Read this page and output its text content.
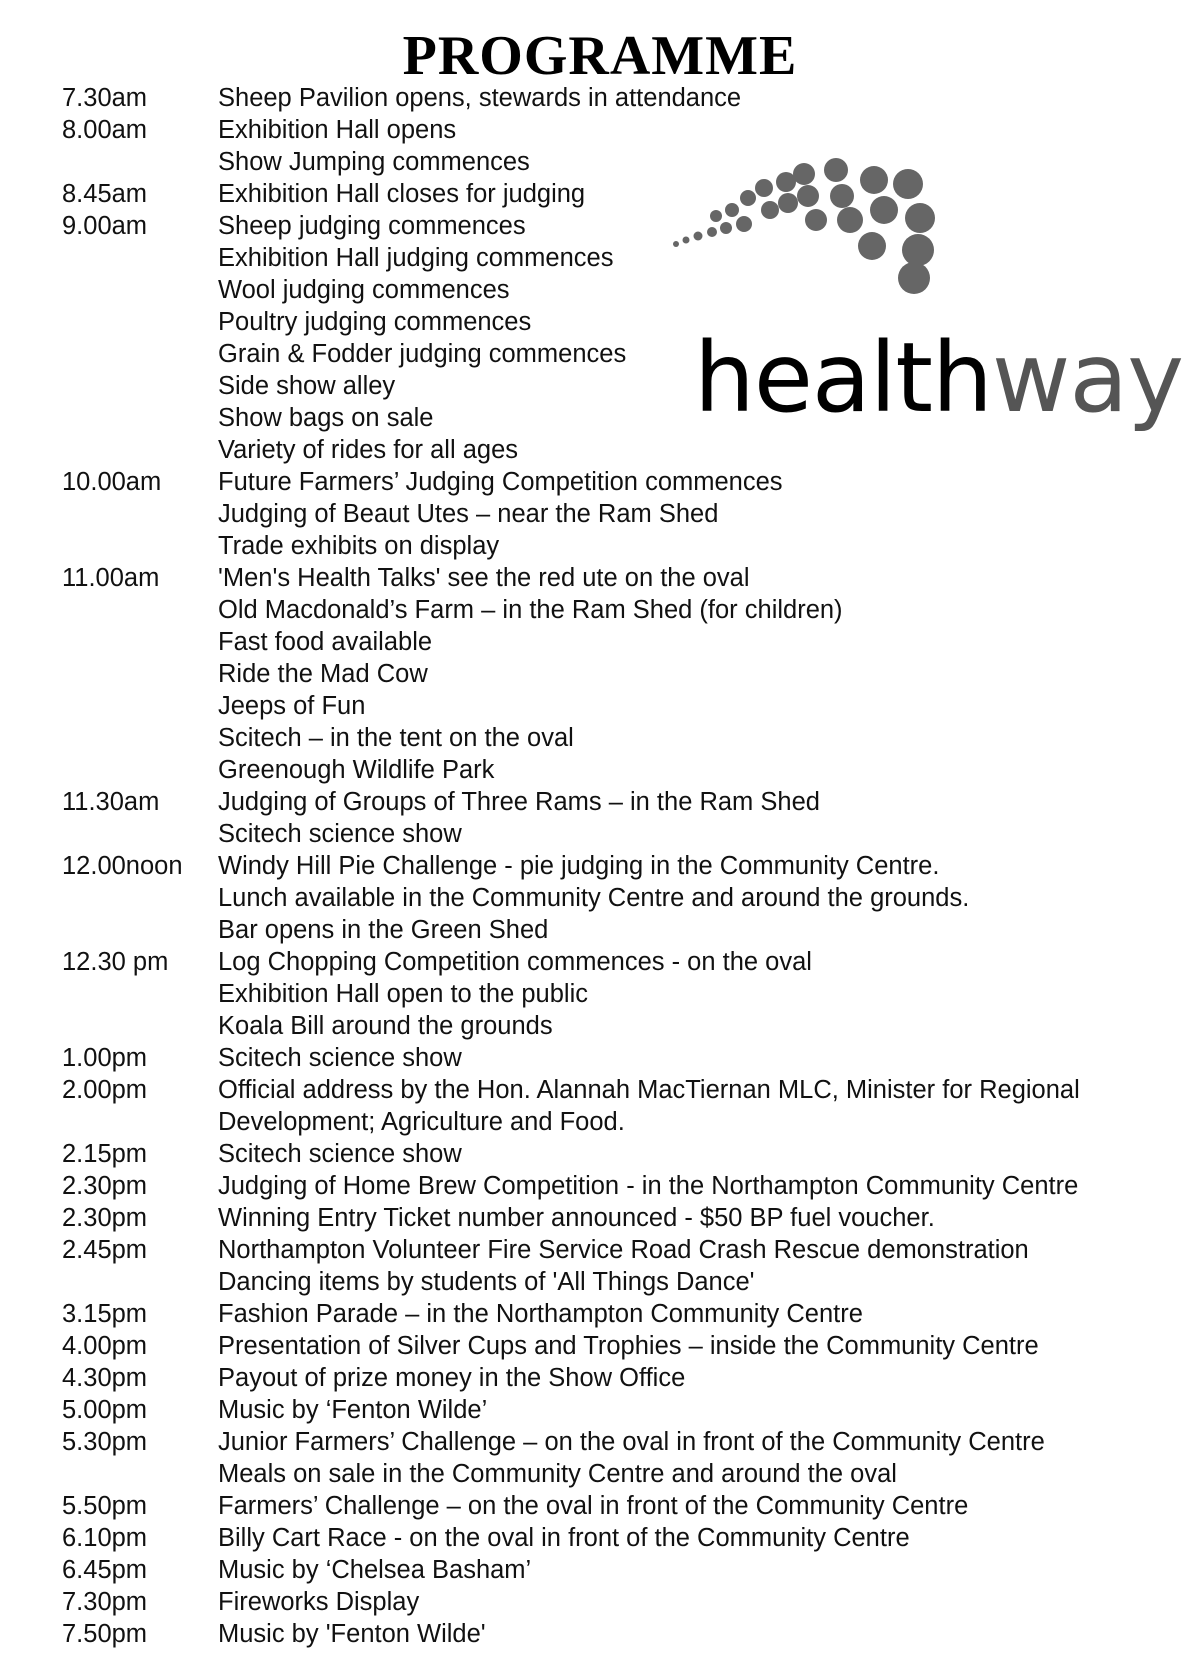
PROGRAMME
7.30am	Sheep Pavilion opens, stewards in attendance
8.00am	Exhibition Hall opens
Show Jumping commences
8.45am	Exhibition Hall closes for judging
9.00am	Sheep judging commences
Exhibition Hall judging commences
Wool judging commences
Poultry judging commences
Grain & Fodder judging commences
Side show alley
Show bags on sale
Variety of rides for all ages
10.00am Future Farmers’ Judging Competition commences
Judging of Beaut Utes – near the Ram Shed
Trade exhibits on display
11.00am 'Men's Health Talks' see the red ute on the oval
Old Macdonald’s Farm – in the Ram Shed (for children)
Fast food available
Ride the Mad Cow
Jeeps of Fun
Scitech – in the tent on the oval
Greenough Wildlife Park
11.30am Judging of Groups of Three Rams – in the Ram Shed
Scitech science show
12.00noon Windy Hill Pie Challenge - pie judging in the Community Centre.
Lunch available in the Community Centre and around the grounds.
Bar opens in the Green Shed
12.30 pm Log Chopping Competition commences - on the oval
Exhibition Hall open to the public
Koala Bill around the grounds
1.00pm	Scitech science show
2.00pm	Official address by the Hon. Alannah MacTiernan MLC, Minister for Regional
Development; Agriculture and Food.
2.15pm	Scitech science show
2.30pm	Judging of Home Brew Competition - in the Northampton Community Centre
2.30pm	Winning Entry Ticket number announced - $50 BP fuel voucher.
2.45pm	Northampton Volunteer Fire Service Road Crash Rescue demonstration
Dancing items by students of 'All Things Dance'
3.15pm	Fashion Parade – in the Northampton Community Centre
4.00pm	Presentation of Silver Cups and Trophies – inside the Community Centre
4.30pm	Payout of prize money in the Show Office
5.00pm	Music by ‘Fenton Wilde’
5.30pm	Junior Farmers’ Challenge – on the oval in front of the Community Centre
Meals on sale in the Community Centre and around the oval
5.50pm	Farmers’ Challenge – on the oval in front of the Community Centre
6.10pm	Billy Cart Race - on the oval in front of the Community Centre
6.45pm	Music by ‘Chelsea Basham’
7.30pm	Fireworks Display
7.50pm	Music by 'Fenton Wilde'
healthway
